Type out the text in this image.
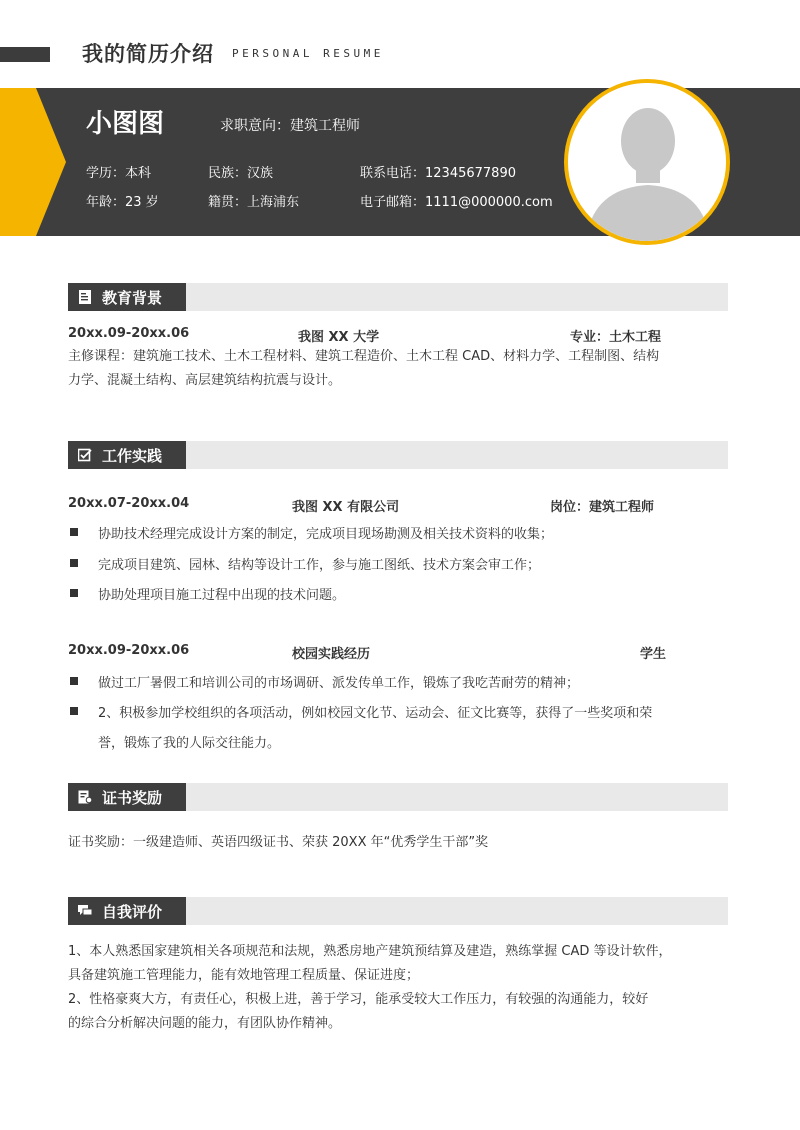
我的简历介绍 PERSONAL RESUME
小图图	求职意向：建筑工程师
学历：本科	民族：汉族	联系电话：12345677890
年龄：23 岁	籍贯：上海浦东	电子邮箱：1111@000000.com
教育背景
20xx.09-20xx.06	我图 XX 大学	专业：土木工程
主修课程：建筑施工技术、土木工程材料、建筑工程造价、土木工程 CAD、材料力学、工程制图、结构
力学、混凝土结构、高层建筑结构抗震与设计。
工作实践
20xx.07-20xx.04	我图 XX 有限公司	岗位：建筑工程师
协助技术经理完成设计方案的制定，完成项目现场勘测及相关技术资料的收集；
完成项目建筑、园林、结构等设计工作，参与施工图纸、技术方案会审工作；
协助处理项目施工过程中出现的技术问题。
20xx.09-20xx.06	校园实践经历	学生
做过工厂暑假工和培训公司的市场调研、派发传单工作，锻炼了我吃苦耐劳的精神；
2、积极参加学校组织的各项活动，例如校园文化节、运动会、征文比赛等，获得了一些奖项和荣
誉，锻炼了我的人际交往能力。
证书奖励
证书奖励：一级建造师、英语四级证书、荣获 20XX 年“优秀学生干部”奖
自我评价
1、本人熟悉国家建筑相关各项规范和法规，熟悉房地产建筑预结算及建造，熟练掌握 CAD 等设计软件，
具备建筑施工管理能力，能有效地管理工程质量、保证进度；
2、性格豪爽大方，有责任心，积极上进，善于学习，能承受较大工作压力，有较强的沟通能力，较好
的综合分析解决问题的能力，有团队协作精神。
